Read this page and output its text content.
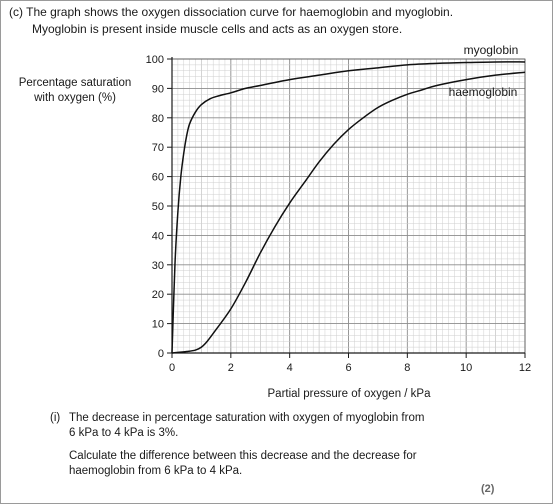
(c) The graph shows the oxygen dissociation curve for haemoglobin and myoglobin.
Myoglobin is present inside muscle cells and acts as an oxygen store.
0
10
20
30
40
50
60
70
80
90
100
0	2	4	6	8	10	12
myoglobin
haemoglobin
Percentage saturation
with oxygen (%)
Partial pressure of oxygen / kPa
(i) The decrease in percentage saturation with oxygen of myoglobin from
6 kPa to 4 kPa is 3%.

Calculate the difference between this decrease and the decrease for
haemoglobin from 6 kPa to 4 kPa.

(2)
